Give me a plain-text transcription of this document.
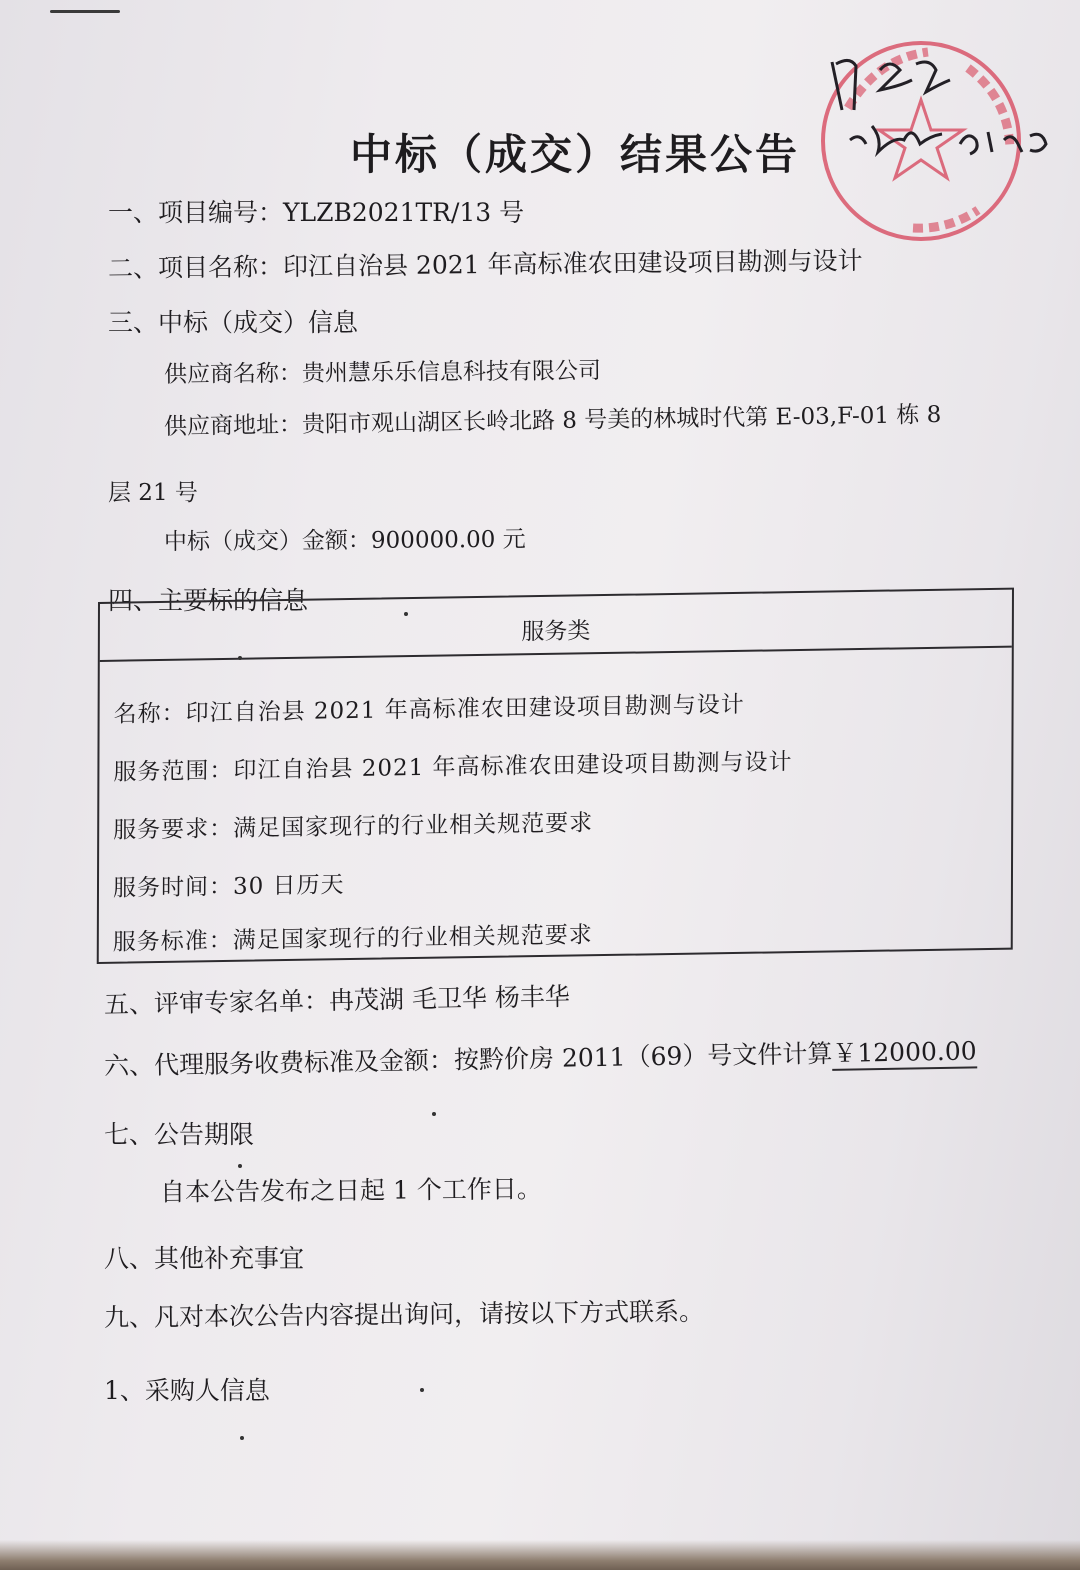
中标（成交）结果公告
一、项目编号：YLZB2021TR/13 号
二、项目名称：印江自治县 2021 年高标准农田建设项目勘测与设计
三、中标（成交）信息
供应商名称：贵州慧乐乐信息科技有限公司
供应商地址：贵阳市观山湖区长岭北路 8 号美的林城时代第 E-03,F-01 栋 8
层 21 号
中标（成交）金额：900000.00 元
四、主要标的信息
服务类
名称：印江自治县 2021 年高标准农田建设项目勘测与设计
服务范围：印江自治县 2021 年高标准农田建设项目勘测与设计
服务要求：满足国家现行的行业相关规范要求
服务时间：30 日历天
服务标准：满足国家现行的行业相关规范要求
五、评审专家名单：冉茂湖 毛卫华 杨丰华
六、代理服务收费标准及金额：按黔价房 2011（69）号文件计算￥12000.00
七、公告期限
自本公告发布之日起 1 个工作日。
八、其他补充事宜
九、凡对本次公告内容提出询问，请按以下方式联系。
1、采购人信息
